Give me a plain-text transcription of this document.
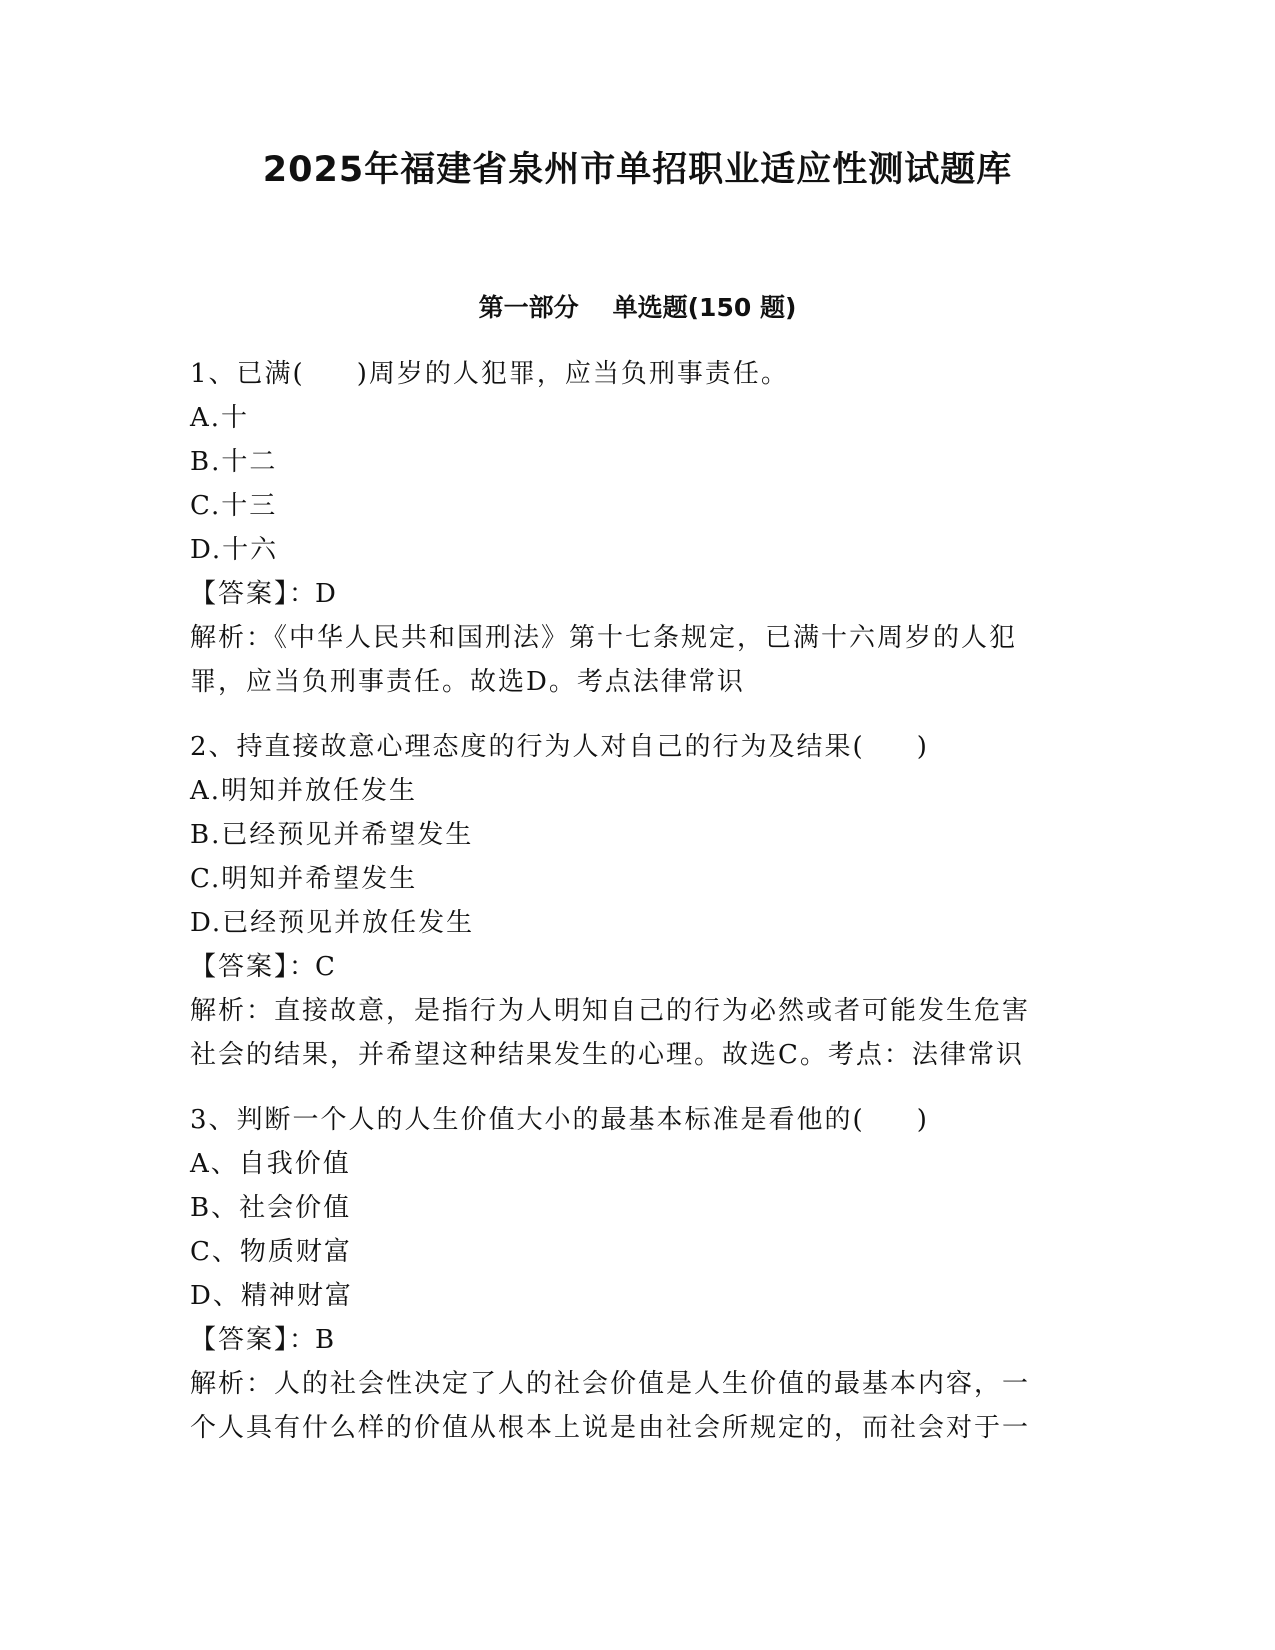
2025年福建省泉州市单招职业适应性测试题库
第一部分 单选题(150 题)
1、已满( )周岁的人犯罪，应当负刑事责任。
A.十
B.十二
C.十三
D.十六
【答案】：D
解析：《中华人民共和国刑法》第十七条规定，已满十六周岁的人犯
罪，应当负刑事责任。故选D。考点法律常识
2、持直接故意心理态度的行为人对自己的行为及结果( )
A.明知并放任发生
B.已经预见并希望发生
C.明知并希望发生
D.已经预见并放任发生
【答案】：C
解析：直接故意，是指行为人明知自己的行为必然或者可能发生危害
社会的结果，并希望这种结果发生的心理。故选C。考点：法律常识
3、判断一个人的人生价值大小的最基本标准是看他的( )
A、自我价值
B、社会价值
C、物质财富
D、精神财富
【答案】：B
解析：人的社会性决定了人的社会价值是人生价值的最基本内容，一
个人具有什么样的价值从根本上说是由社会所规定的，而社会对于一
